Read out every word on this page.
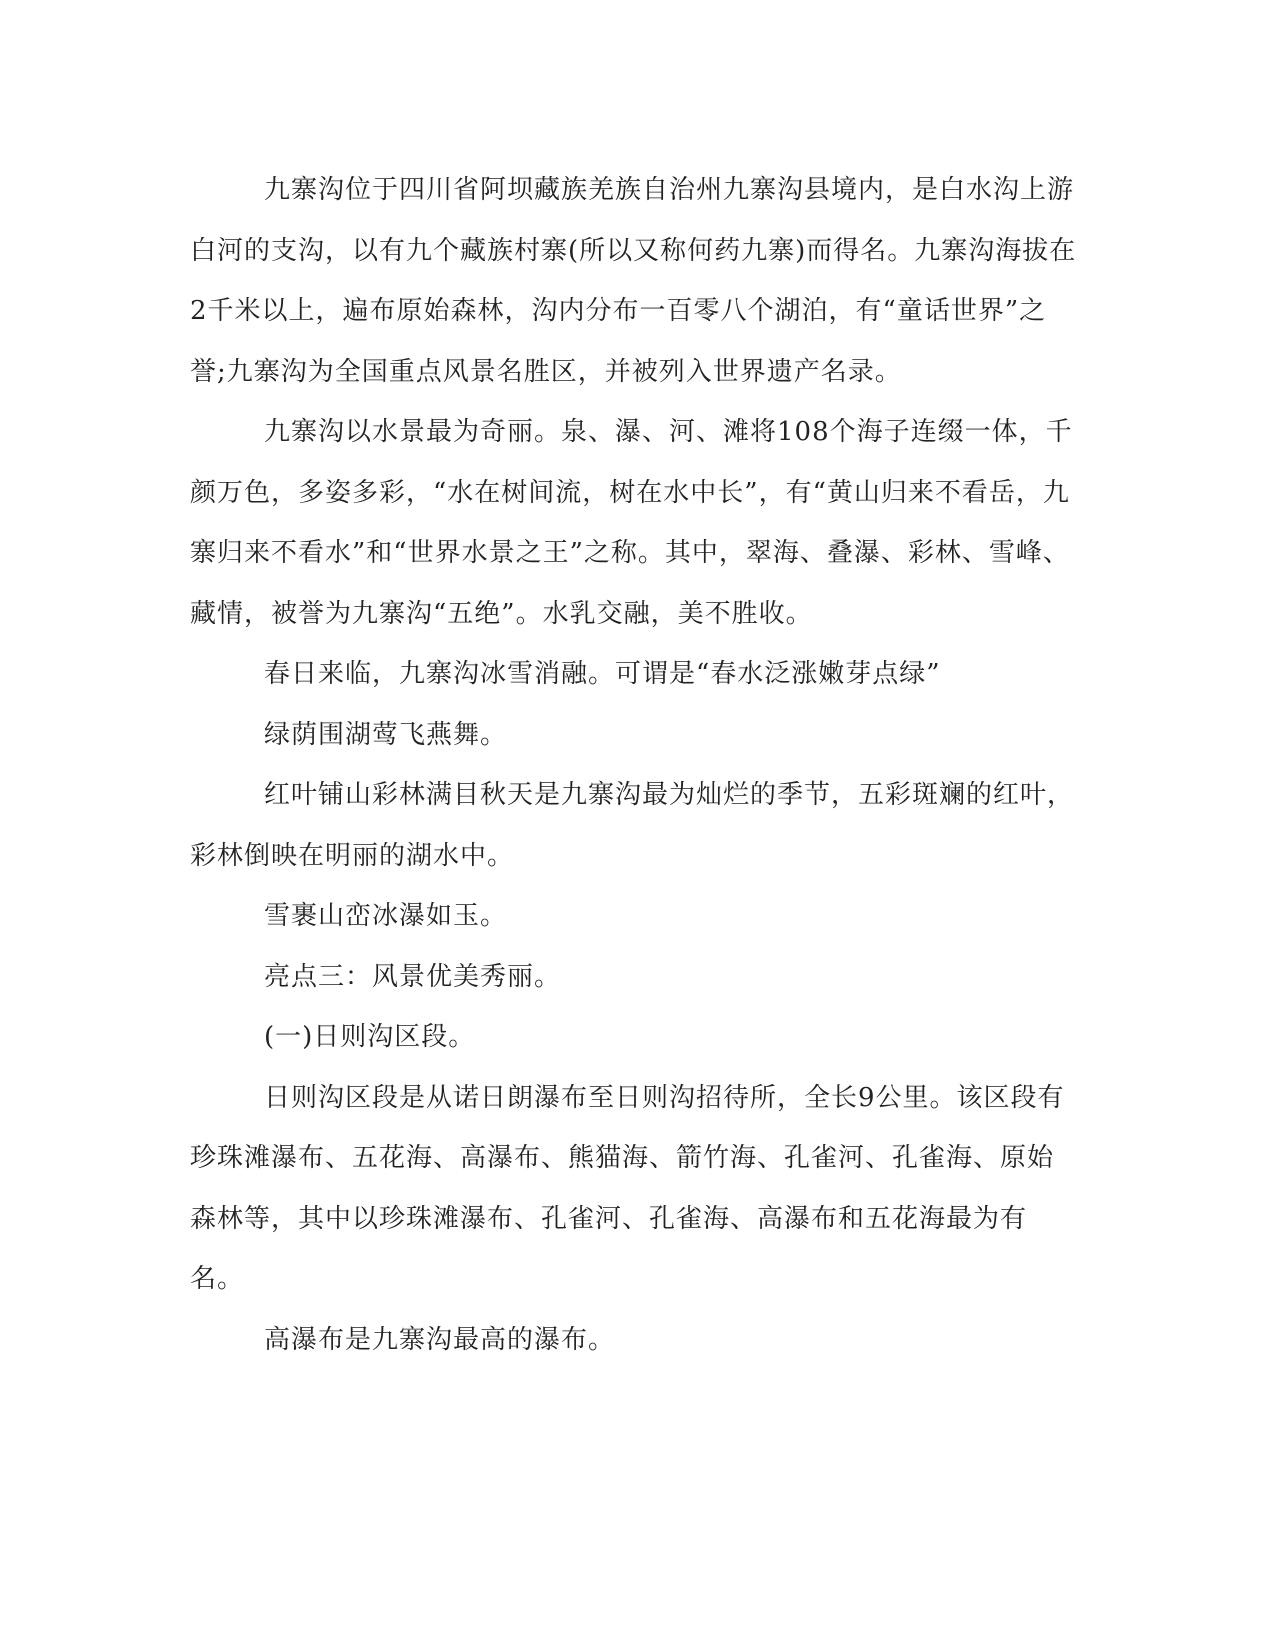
九寨沟位于四川省阿坝藏族羌族自治州九寨沟县境内，是白水沟上游白河的支沟，以有九个藏族村寨(所以又称何药九寨)而得名。九寨沟海拔在2千米以上，遍布原始森林，沟内分布一百零八个湖泊，有“童话世界”之誉;九寨沟为全国重点风景名胜区，并被列入世界遗产名录。

九寨沟以水景最为奇丽。泉、瀑、河、滩将108个海子连缀一体，千颜万色，多姿多彩，“水在树间流，树在水中长”，有“黄山归来不看岳，九寨归来不看水”和“世界水景之王”之称。其中，翠海、叠瀑、彩林、雪峰、藏情，被誉为九寨沟“五绝”。水乳交融，美不胜收。

春日来临，九寨沟冰雪消融。可谓是“春水泛涨嫩芽点绿”

绿荫围湖莺飞燕舞。

红叶铺山彩林满目秋天是九寨沟最为灿烂的季节，五彩斑斓的红叶，彩林倒映在明丽的湖水中。

雪裹山峦冰瀑如玉。

亮点三：风景优美秀丽。

(一)日则沟区段。

日则沟区段是从诺日朗瀑布至日则沟招待所，全长9公里。该区段有珍珠滩瀑布、五花海、高瀑布、熊猫海、箭竹海、孔雀河、孔雀海、原始森林等，其中以珍珠滩瀑布、孔雀河、孔雀海、高瀑布和五花海最为有名。

高瀑布是九寨沟最高的瀑布。
